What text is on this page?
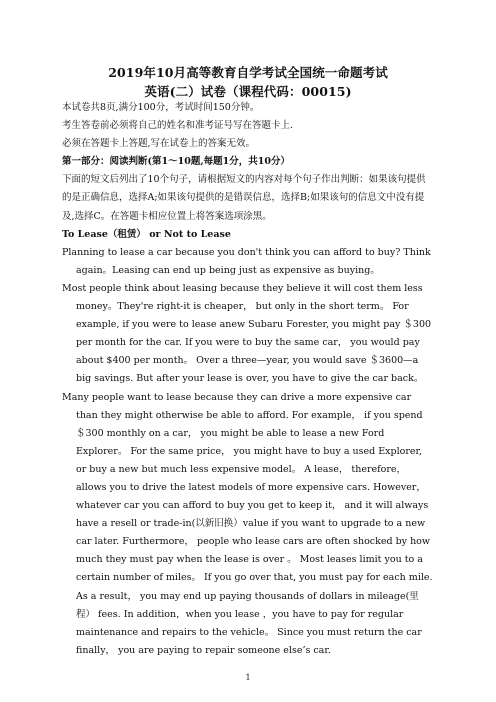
2019年10月高等教育自学考试全国统一命题考试
英语(二）试卷（课程代码：00015)

本试卷共8页,满分100分，考试时间150分钟。

考生答卷前必须将自己的姓名和准考证号写在答题卡上.

必须在答题卡上答题,写在试卷上的答案无效。

第一部分：阅读判断(第1～10题,每题1分，共10分）

下面的短文后列出了10个句子，请根据短文的内容对每个句子作出判断：如果该句提供的是正确信息，选择A;如果该句提供的是错误信息，选择B;如果该句的信息文中没有提及,选择C。在答题卡相应位置上将答案选项涂黑。

To Lease（租赁） or Not to Lease

Planning to lease a car because you don't think you can afford to buy? Think again。Leasing can end up being just as expensive as buying。

Most people think about leasing because they believe it will cost them less money。They're right-it is cheaper， but only in the short term。 For example, if you were to lease anew Subaru Forester, you might pay ＄300 per month for the car. If you were to buy the same car， you would pay about $400 per month。 Over a three—year, you would save ＄3600—a big savings. But after your lease is over, you have to give the car back。

Many people want to lease because they can drive a more expensive car than they might otherwise be able to afford. For example， if you spend ＄300 monthly on a car， you might be able to lease a new Ford Explorer。 For the same price， you might have to buy a used Explorer, or buy a new but much less expensive model。 A lease， therefore， allows you to drive the latest models of more expensive cars. However， whatever car you can afford to buy you get to keep it， and it will always have a resell or trade-in(以新旧换）value if you want to upgrade to a new car later. Furthermore， people who lease cars are often shocked by how much they must pay when the lease is over 。 Most leases limit you to a certain number of miles。 If you go over that, you must pay for each mile. As a result， you may end up paying thousands of dollars in mileage(里程） fees. In addition，when you lease ，you have to pay for regular maintenance and repairs to the vehicle。 Since you must return the car finally， you are paying to repair someone else’s car.

1
